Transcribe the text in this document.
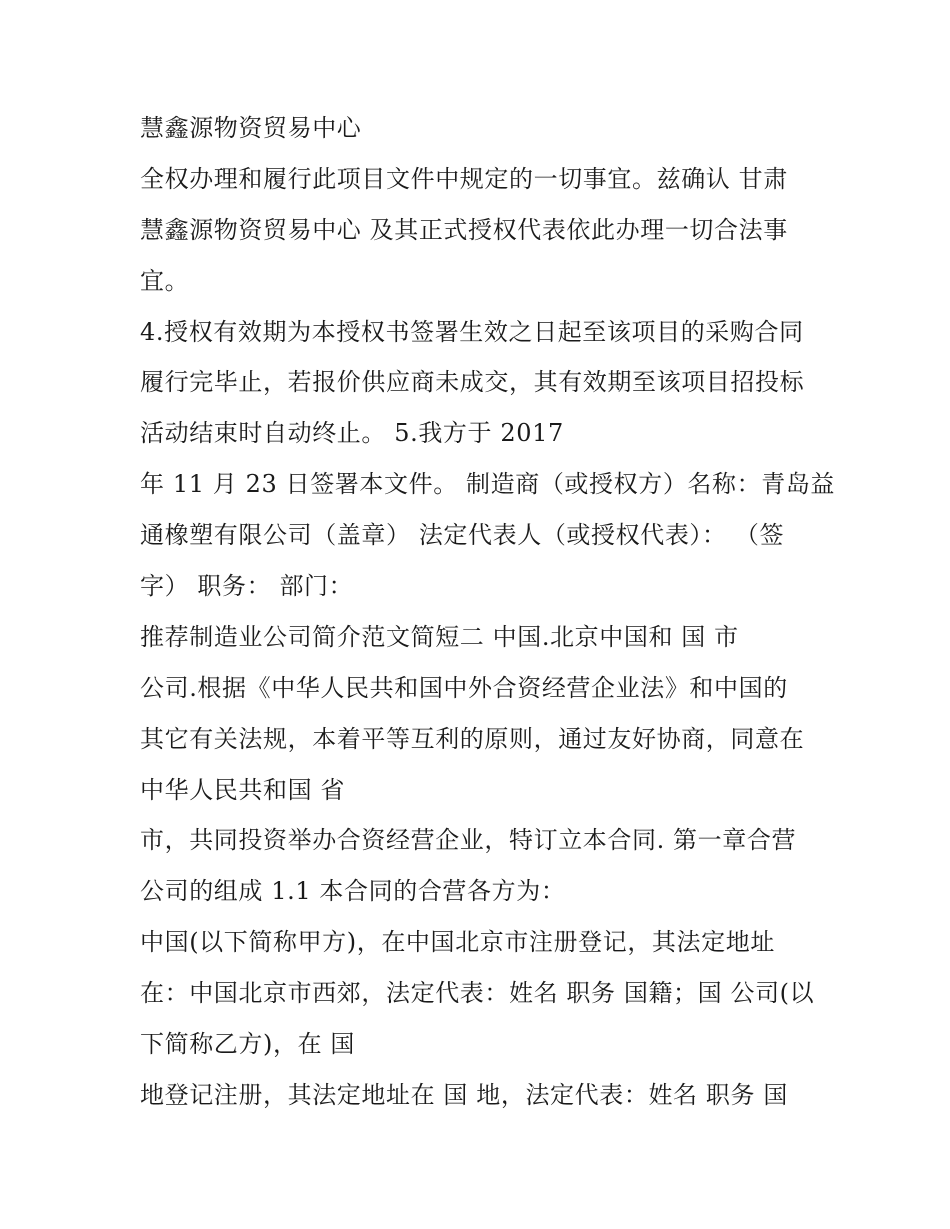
慧鑫源物资贸易中心
全权办理和履行此项目文件中规定的一切事宜。兹确认 甘肃
慧鑫源物资贸易中心 及其正式授权代表依此办理一切合法事
宜。
4.授权有效期为本授权书签署生效之日起至该项目的采购合同
履行完毕止，若报价供应商未成交，其有效期至该项目招投标
活动结束时自动终止。 5.我方于 2017
年 11 月 23 日签署本文件。 制造商（或授权方）名称：青岛益
通橡塑有限公司（盖章） 法定代表人（或授权代表）： （签
字） 职务： 部门：
推荐制造业公司简介范文简短二 中国.北京中国和 国 市
公司.根据《中华人民共和国中外合资经营企业法》和中国的
其它有关法规，本着平等互利的原则，通过友好协商，同意在
中华人民共和国 省
市，共同投资举办合资经营企业，特订立本合同. 第一章合营
公司的组成 1.1 本合同的合营各方为：
中国(以下简称甲方)，在中国北京市注册登记，其法定地址
在：中国北京市西郊，法定代表：姓名 职务 国籍；国 公司(以
下简称乙方)，在 国
地登记注册，其法定地址在 国 地，法定代表：姓名 职务 国
